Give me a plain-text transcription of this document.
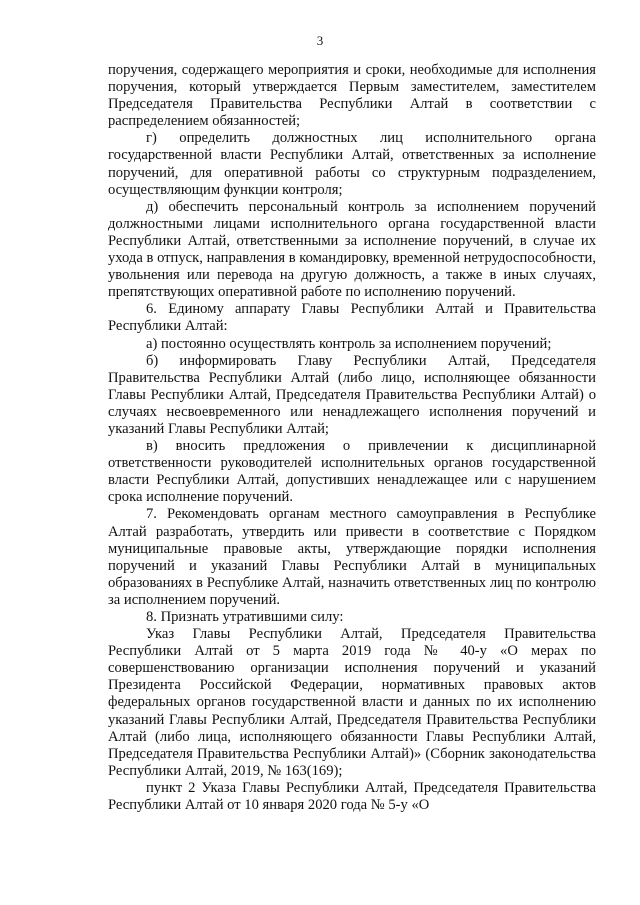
3

поручения, содержащего мероприятия и сроки, необходимые для исполнения поручения, который утверждается Первым заместителем, заместителем Председателя Правительства Республики Алтай в соответствии с распределением обязанностей;

г) определить должностных лиц исполнительного органа государственной власти Республики Алтай, ответственных за исполнение поручений, для оперативной работы со структурным подразделением, осуществляющим функции контроля;

д) обеспечить персональный контроль за исполнением поручений должностными лицами исполнительного органа государственной власти Республики Алтай, ответственными за исполнение поручений, в случае их ухода в отпуск, направления в командировку, временной нетрудоспособности, увольнения или перевода на другую должность, а также в иных случаях, препятствующих оперативной работе по исполнению поручений.

6. Единому аппарату Главы Республики Алтай и Правительства Республики Алтай:

а) постоянно осуществлять контроль за исполнением поручений;

б) информировать Главу Республики Алтай, Председателя Правительства Республики Алтай (либо лицо, исполняющее обязанности Главы Республики Алтай, Председателя Правительства Республики Алтай) о случаях несвоевременного или ненадлежащего исполнения поручений и указаний Главы Республики Алтай;

в) вносить предложения о привлечении к дисциплинарной ответственности руководителей исполнительных органов государственной власти Республики Алтай, допустивших ненадлежащее или с нарушением срока исполнение поручений.

7. Рекомендовать органам местного самоуправления в Республике Алтай разработать, утвердить или привести в соответствие с Порядком муниципальные правовые акты, утверждающие порядки исполнения поручений и указаний Главы Республики Алтай в муниципальных образованиях в Республике Алтай, назначить ответственных лиц по контролю за исполнением поручений.

8. Признать утратившими силу:

Указ Главы Республики Алтай, Председателя Правительства Республики Алтай от 5 марта 2019 года № 40-у «О мерах по совершенствованию организации исполнения поручений и указаний Президента Российской Федерации, нормативных правовых актов федеральных органов государственной власти и данных по их исполнению указаний Главы Республики Алтай, Председателя Правительства Республики Алтай (либо лица, исполняющего обязанности Главы Республики Алтай, Председателя Правительства Республики Алтай)» (Сборник законодательства Республики Алтай, 2019, № 163(169);

пункт 2 Указа Главы Республики Алтай, Председателя Правительства Республики Алтай от 10 января 2020 года № 5-у «О
